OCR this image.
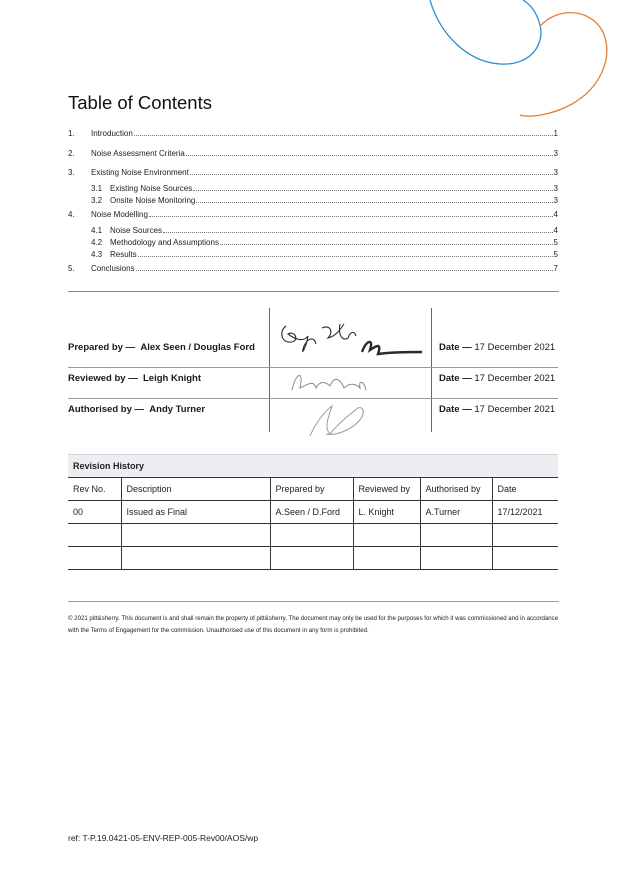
Table of Contents
1.	Introduction	1
2.	Noise Assessment Criteria	3
3.	Existing Noise Environment	3
3.1 Existing Noise Sources	3
3.2 Onsite Noise Monitoring	3
4.	Noise Modelling	4
4.1 Noise Sources	4
4.2 Methodology and Assumptions	5
4.3 Results	5
5.	Conclusions	7
Prepared by — Alex Seen / Douglas Ford	Date — 17 December 2021
Reviewed by — Leigh Knight	Date — 17 December 2021
Authorised by — Andy Turner	Date — 17 December 2021
Revision History					
Rev No.	Description	Prepared by	Reviewed by	Authorised by	Date
00	Issued as Final	A.Seen / D.Ford	L. Knight	A.Turner	17/12/2021

© 2021 pitt&sherry. This document is and shall remain the property of pitt&sherry. The document may only be used for the purposes for which it was commissioned and in accordance with the Terms of Engagement for the commission. Unauthorised use of this document in any form is prohibited.

ref: T-P.19.0421-05-ENV-REP-005-Rev00/AOS/wp
